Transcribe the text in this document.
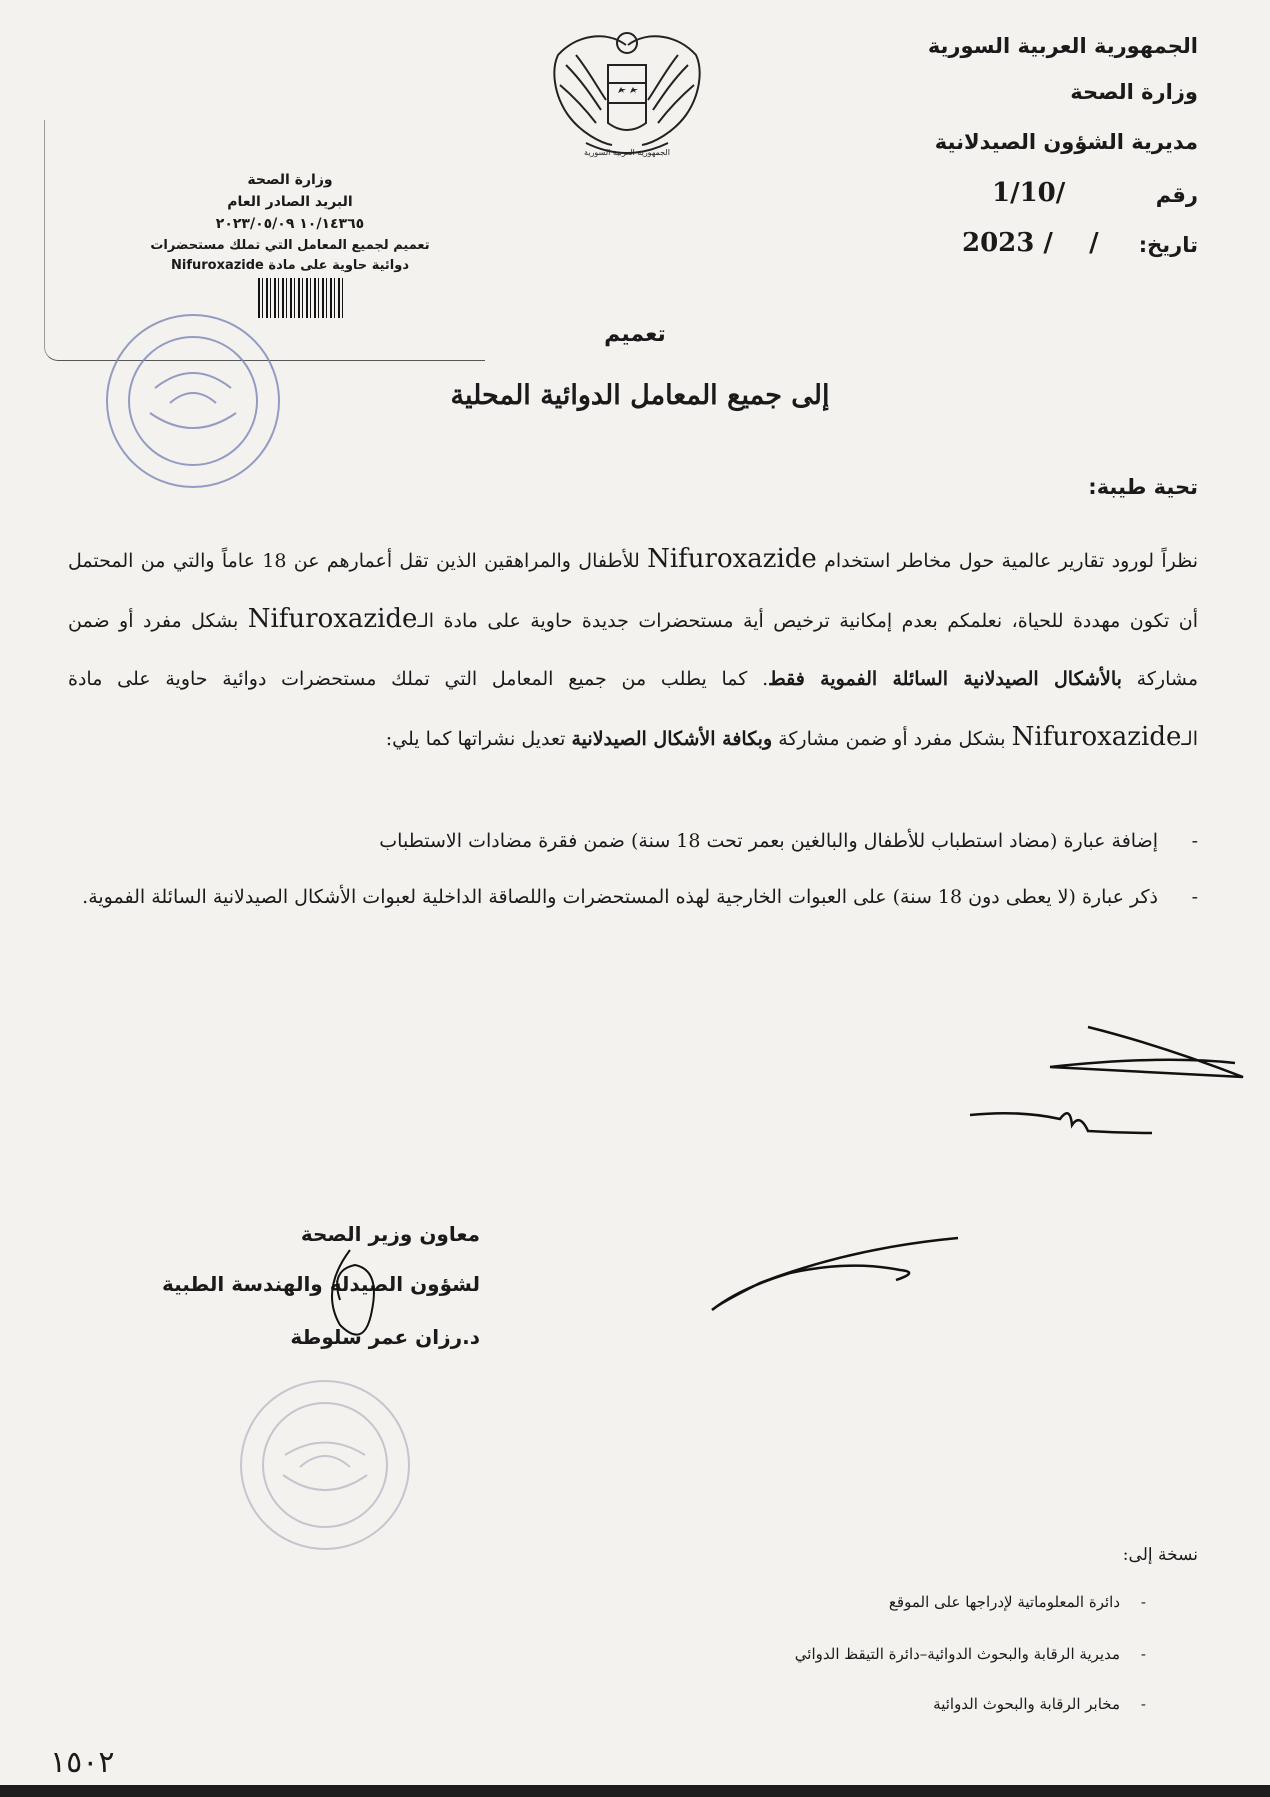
الجمهورية العربية السورية
الجمهورية العربية السورية
وزارة الصحة
مديرية الشؤون الصيدلانية
رقم
1/10/
تاريخ:
2023 /    /
وزارة الصحة
البريد الصادر العام
١٠/١٤٣٦٥ ٢٠٢٣/٠٥/٠٩
تعميم لجميع المعامل التي تملك مستحضرات
دوائية حاوية على مادة Nifuroxazide
تعميم
إلى جميع المعامل الدوائية المحلية
تحية طيبة:
نظراً لورود تقارير عالمية حول مخاطر استخدام Nifuroxazide للأطفال والمراهقين الذين تقل أعمارهم عن 18 عاماً والتي من المحتمل أن تكون مهددة للحياة، نعلمكم بعدم إمكانية ترخيص أية مستحضرات جديدة حاوية على مادة الـNifuroxazide بشكل مفرد أو ضمن مشاركة بالأشكال الصيدلانية السائلة الفموية فقط. كما يطلب من جميع المعامل التي تملك مستحضرات دوائية حاوية على مادة الـNifuroxazide بشكل مفرد أو ضمن مشاركة وبكافة الأشكال الصيدلانية تعديل نشراتها كما يلي:
-
إضافة عبارة (مضاد استطباب للأطفال والبالغين بعمر تحت 18 سنة) ضمن فقرة مضادات الاستطباب
-
ذكر عبارة (لا يعطى دون 18 سنة) على العبوات الخارجية لهذه المستحضرات واللصاقة الداخلية لعبوات الأشكال الصيدلانية السائلة الفموية.
معاون وزير الصحة
لشؤون الصيدلة والهندسة الطبية
د.رزان عمر سلوطة
نسخة إلى:
-
دائرة المعلوماتية لإدراجها على الموقع
-
مديرية الرقابة والبحوث الدوائية–دائرة التيقظ الدوائي
-
مخابر الرقابة والبحوث الدوائية
١٥٠٢
